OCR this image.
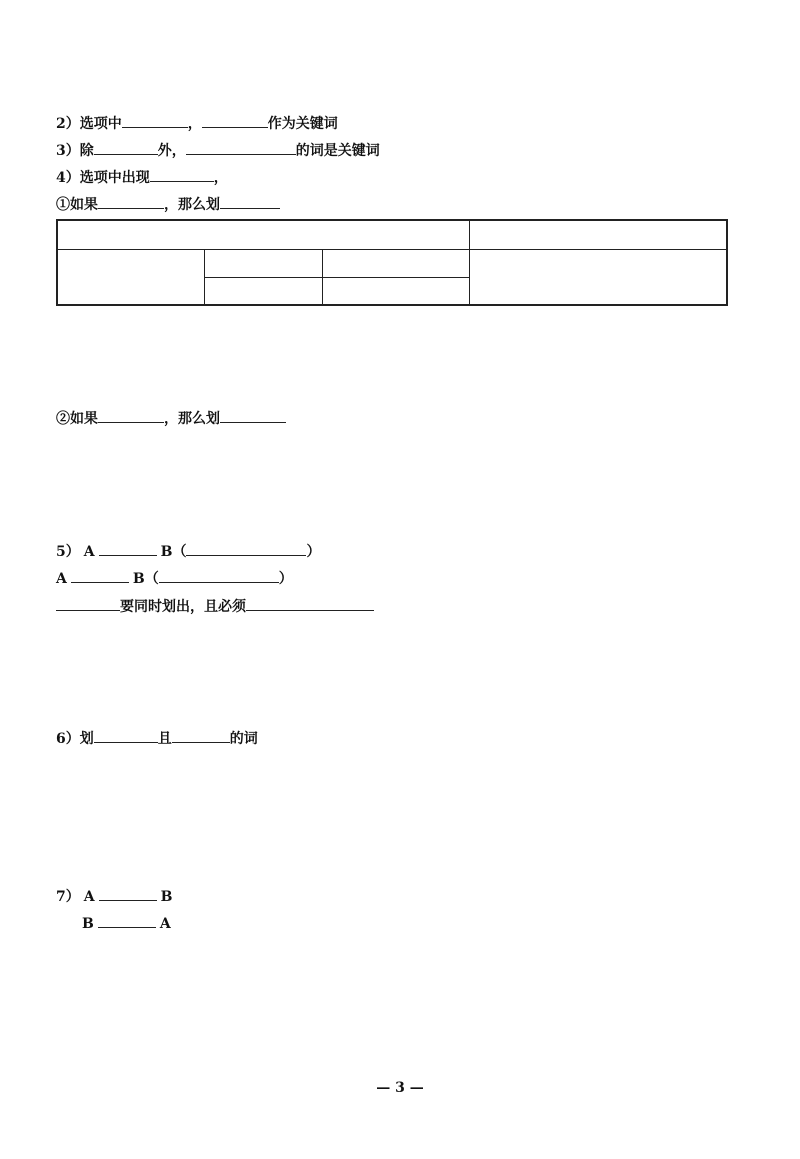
2）选项中	，	作为关键词
3）除	外，	的词是关键词
4）选项中出现	，
①如果	，那么划

②如果	，那么划
5） A	B（	）
A	B（	）
要同时划出，且必须
6）划	且	的词
7） A	B
B	A
— 3 —
